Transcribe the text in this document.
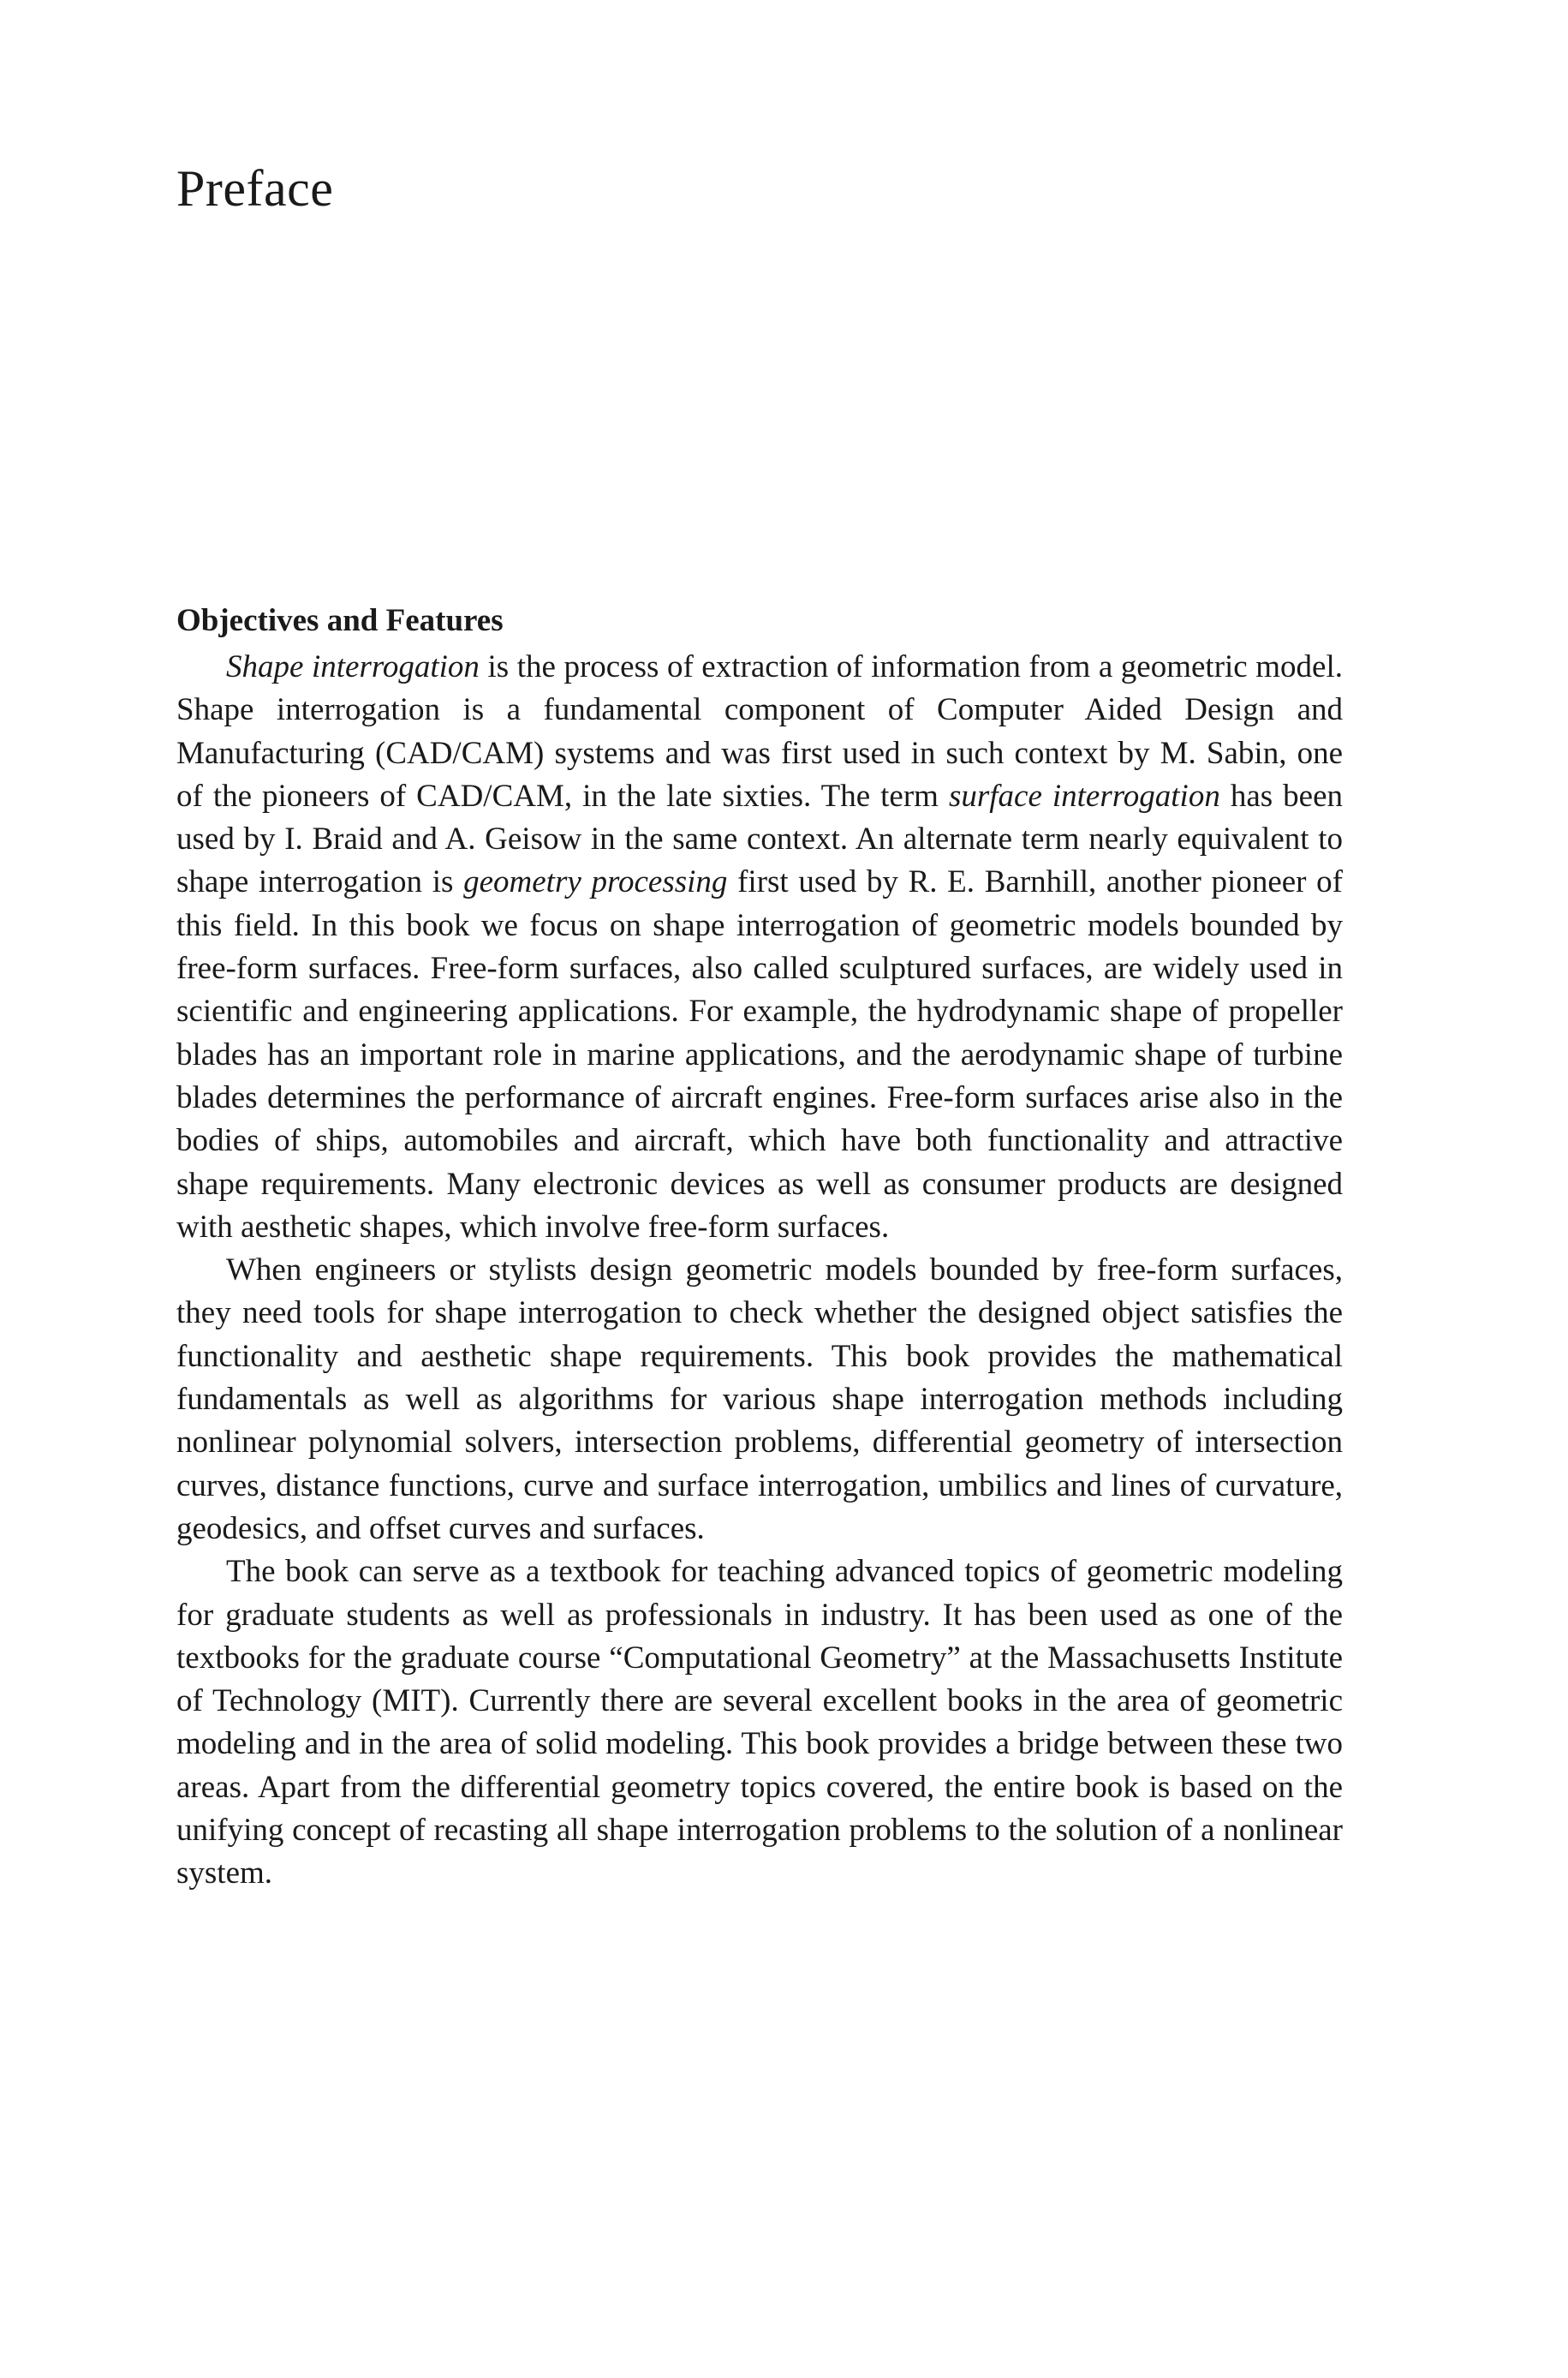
Preface
Objectives and Features

Shape interrogation is the process of extraction of information from a geometric model. Shape interrogation is a fundamental component of Computer Aided Design and Manufacturing (CAD/CAM) systems and was first used in such context by M. Sabin, one of the pioneers of CAD/CAM, in the late sixties. The term surface interrogation has been used by I. Braid and A. Geisow in the same context. An alternate term nearly equivalent to shape interrogation is geometry processing first used by R. E. Barnhill, another pioneer of this field. In this book we focus on shape interrogation of geometric models bounded by free-form surfaces. Free-form surfaces, also called sculptured surfaces, are widely used in scientific and engineering applications. For example, the hydrodynamic shape of propeller blades has an important role in marine applications, and the aerodynamic shape of turbine blades determines the performance of aircraft engines. Free-form surfaces arise also in the bodies of ships, automobiles and aircraft, which have both functionality and attractive shape requirements. Many electronic devices as well as consumer products are designed with aesthetic shapes, which involve free-form surfaces.

When engineers or stylists design geometric models bounded by free-form surfaces, they need tools for shape interrogation to check whether the designed object satisfies the functionality and aesthetic shape requirements. This book provides the mathematical fundamentals as well as algorithms for various shape interrogation methods including nonlinear polynomial solvers, intersection problems, differential geometry of intersection curves, distance functions, curve and surface interrogation, umbilics and lines of curvature, geodesics, and offset curves and surfaces.

The book can serve as a textbook for teaching advanced topics of geometric modeling for graduate students as well as professionals in industry. It has been used as one of the textbooks for the graduate course “Computational Geometry” at the Massachusetts Institute of Technology (MIT). Currently there are several excellent books in the area of geometric modeling and in the area of solid modeling. This book provides a bridge between these two areas. Apart from the differential geometry topics covered, the entire book is based on the unifying concept of recasting all shape interrogation problems to the solution of a nonlinear system.
